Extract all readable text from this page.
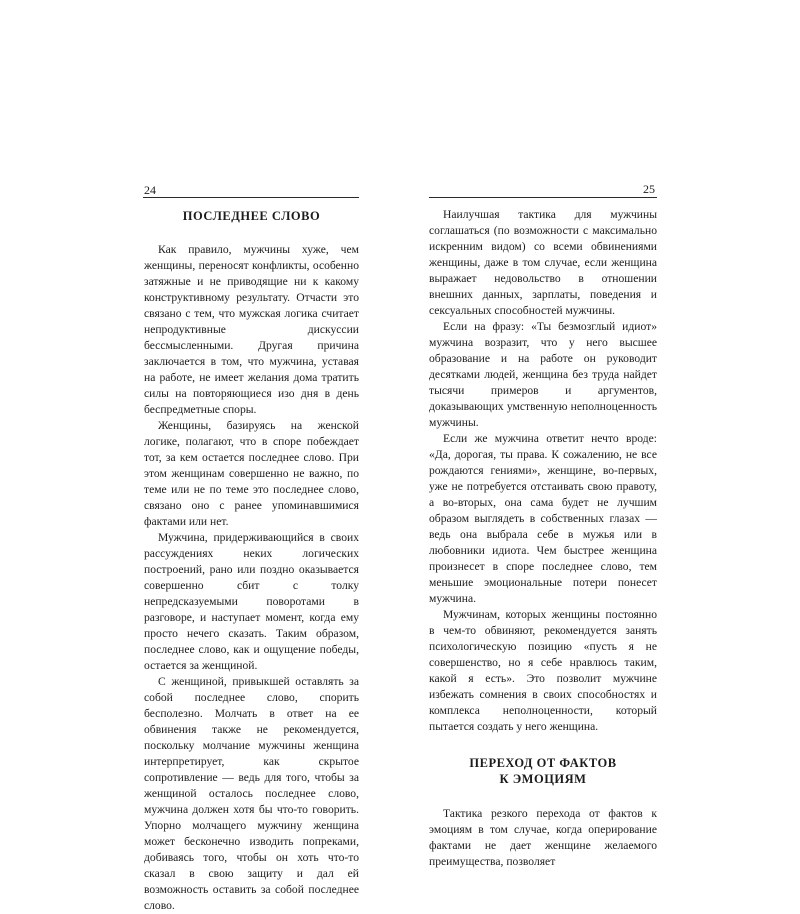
24
ПОСЛЕДНЕЕ СЛОВО

Как правило, мужчины хуже, чем женщины, переносят конфликты, особенно затяжные и не приводящие ни к какому конструктивному результату. Отчасти это связано с тем, что мужская логика считает непродуктивные дискуссии бессмысленными. Другая причина заключается в том, что мужчина, уставая на работе, не имеет желания дома тратить силы на повторяющиеся изо дня в день беспредметные споры.

Женщины, базируясь на женской логике, полагают, что в споре побеждает тот, за кем остается последнее слово. При этом женщинам совершенно не важно, по теме или не по теме это последнее слово, связано оно с ранее упоминавшимися фактами или нет.

Мужчина, придерживающийся в своих рассуждениях неких логических построений, рано или поздно оказывается совершенно сбит с толку непредсказуемыми поворотами в разговоре, и наступает момент, когда ему просто нечего сказать. Таким образом, последнее слово, как и ощущение победы, остается за женщиной.

С женщиной, привыкшей оставлять за собой последнее слово, спорить бесполезно. Молчать в ответ на ее обвинения также не рекомендуется, поскольку молчание мужчины женщина интерпретирует, как скрытое сопротивление — ведь для того, чтобы за женщиной осталось последнее слово, мужчина должен хотя бы что-то говорить. Упорно молчащего мужчину женщина может бесконечно изводить попреками, добиваясь того, чтобы он хоть что-то сказал в свою защиту и дал ей возможность оставить за собой последнее слово.

25

Наилучшая тактика для мужчины соглашаться (по возможности с максимально искренним видом) со всеми обвинениями женщины, даже в том случае, если женщина выражает недовольство в отношении внешних данных, зарплаты, поведения и сексуальных способностей мужчины.

Если на фразу: «Ты безмозглый идиот» мужчина возразит, что у него высшее образование и на работе он руководит десятками людей, женщина без труда найдет тысячи примеров и аргументов, доказывающих умственную неполноценность мужчины.

Если же мужчина ответит нечто вроде: «Да, дорогая, ты права. К сожалению, не все рождаются гениями», женщине, во-первых, уже не потребуется отстаивать свою правоту, а во-вторых, она сама будет не лучшим образом выглядеть в собственных глазах — ведь она выбрала себе в мужья или в любовники идиота. Чем быстрее женщина произнесет в споре последнее слово, тем меньшие эмоциональные потери понесет мужчина.

Мужчинам, которых женщины постоянно в чем-то обвиняют, рекомендуется занять психологическую позицию «пусть я не совершенство, но я себе нравлюсь таким, какой я есть». Это позволит мужчине избежать сомнения в своих способностях и комплекса неполноценности, который пытается создать у него женщина.

ПЕРЕХОД ОТ ФАКТОВ
К ЭМОЦИЯМ

Тактика резкого перехода от фактов к эмоциям в том случае, когда оперирование фактами не дает женщине желаемого преимущества, позволяет
